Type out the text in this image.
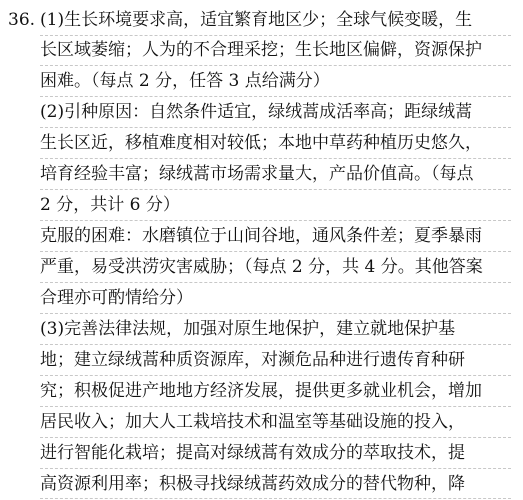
36. (1)生长环境要求高，适宜繁育地区少；全球气候变暖，生
长区域萎缩；人为的不合理采挖；生长地区偏僻，资源保护
困难。（每点 2 分，任答 3 点给满分）
(2)引种原因：自然条件适宜，绿绒蒿成活率高；距绿绒蒿
生长区近，移植难度相对较低；本地中草药种植历史悠久，
培育经验丰富；绿绒蒿市场需求量大，产品价值高。（每点
2 分，共计 6 分）
克服的困难：水磨镇位于山间谷地，通风条件差；夏季暴雨
严重，易受洪涝灾害威胁；（每点 2 分，共 4 分。其他答案
合理亦可酌情给分）
(3)完善法律法规，加强对原生地保护，建立就地保护基
地；建立绿绒蒿种质资源库，对濒危品种进行遗传育种研
究；积极促进产地地方经济发展，提供更多就业机会，增加
居民收入；加大人工栽培技术和温室等基础设施的投入，
进行智能化栽培；提高对绿绒蒿有效成分的萃取技术，提
高资源利用率；积极寻找绿绒蒿药效成分的替代物种，降
